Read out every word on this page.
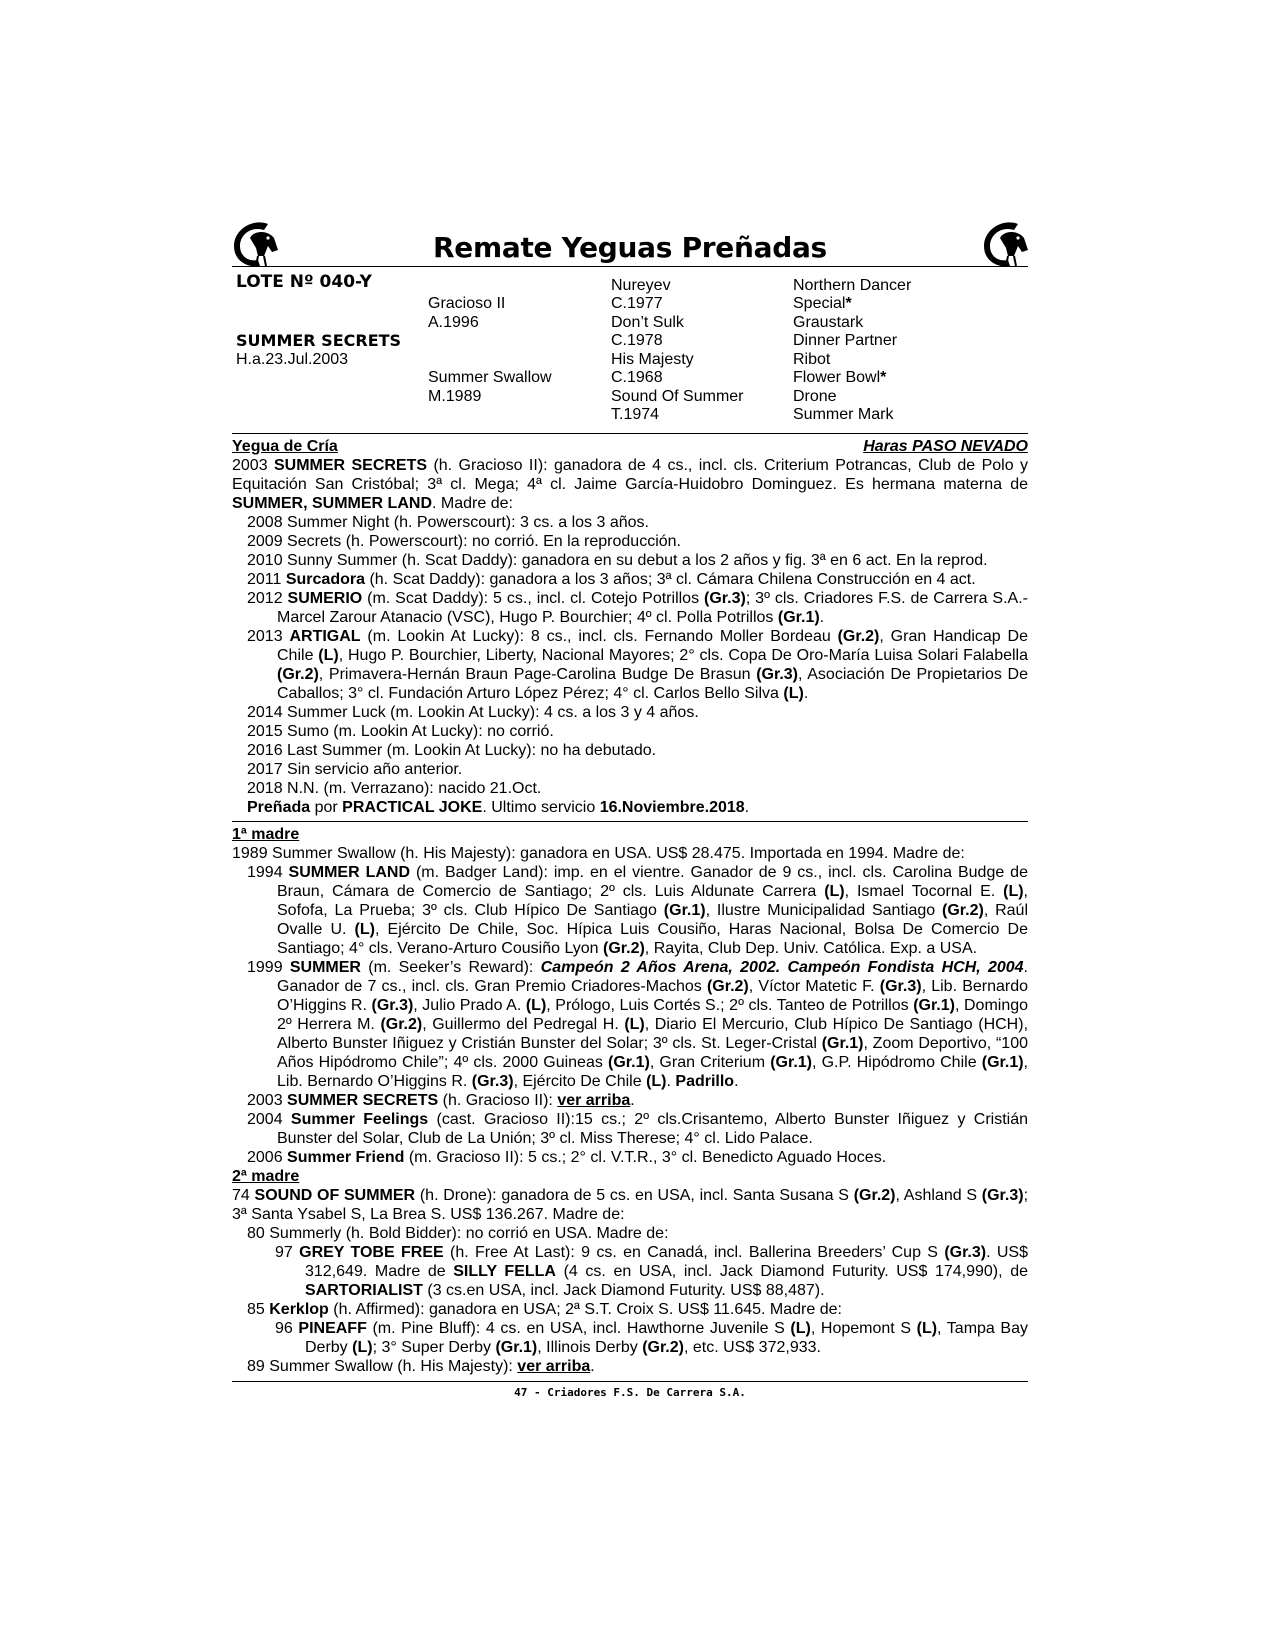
Remate Yeguas Preñadas
LOTE Nº 040-Y
SUMMER SECRETS
H.a.23.Jul.2003
Gracioso II
A.1996
Summer Swallow
M.1989
Nureyev
C.1977
Don’t Sulk
C.1978
His Majesty
C.1968
Sound Of Summer
T.1974
Northern Dancer
Special*
Graustark
Dinner Partner
Ribot
Flower Bowl*
Drone
Summer Mark
Yegua de Cría	Haras PASO NEVADO

2003 SUMMER SECRETS (h. Gracioso II): ganadora de 4 cs., incl. cls. Criterium Potrancas, Club de Polo y Equitación San Cristóbal; 3ª cl. Mega; 4ª cl. Jaime García-Huidobro Dominguez. Es hermana materna de SUMMER, SUMMER LAND. Madre de:

2008 Summer Night (h. Powerscourt): 3 cs. a los 3 años.

2009 Secrets (h. Powerscourt): no corrió. En la reproducción.

2010 Sunny Summer (h. Scat Daddy): ganadora en su debut a los 2 años y fig. 3ª en 6 act. En la reprod.

2011 Surcadora (h. Scat Daddy): ganadora a los 3 años; 3ª cl. Cámara Chilena Construcción en 4 act.

2012 SUMERIO (m. Scat Daddy): 5 cs., incl. cl. Cotejo Potrillos (Gr.3); 3º cls. Criadores F.S. de Carrera S.A.-Marcel Zarour Atanacio (VSC), Hugo P. Bourchier; 4º cl. Polla Potrillos (Gr.1).

2013 ARTIGAL (m. Lookin At Lucky): 8 cs., incl. cls. Fernando Moller Bordeau (Gr.2), Gran Handicap De Chile (L), Hugo P. Bourchier, Liberty, Nacional Mayores; 2° cls. Copa De Oro-María Luisa Solari Falabella (Gr.2), Primavera-Hernán Braun Page-Carolina Budge De Brasun (Gr.3), Asociación De Propietarios De Caballos; 3° cl. Fundación Arturo López Pérez; 4° cl. Carlos Bello Silva (L).

2014 Summer Luck (m. Lookin At Lucky): 4 cs. a los 3 y 4 años.

2015 Sumo (m. Lookin At Lucky): no corrió.

2016 Last Summer (m. Lookin At Lucky): no ha debutado.

2017 Sin servicio año anterior.

2018 N.N. (m. Verrazano): nacido 21.Oct.

Preñada por PRACTICAL JOKE. Ultimo servicio 16.Noviembre.2018.

1ª madre

1989 Summer Swallow (h. His Majesty): ganadora en USA. US$ 28.475. Importada en 1994. Madre de:

1994 SUMMER LAND (m. Badger Land): imp. en el vientre. Ganador de 9 cs., incl. cls. Carolina Budge de Braun, Cámara de Comercio de Santiago; 2º cls. Luis Aldunate Carrera (L), Ismael Tocornal E. (L), Sofofa, La Prueba; 3º cls. Club Hípico De Santiago (Gr.1), Ilustre Municipalidad Santiago (Gr.2), Raúl Ovalle U. (L), Ejército De Chile, Soc. Hípica Luis Cousiño, Haras Nacional, Bolsa De Comercio De Santiago; 4° cls. Verano-Arturo Cousiño Lyon (Gr.2), Rayita, Club Dep. Univ. Católica. Exp. a USA.

1999 SUMMER (m. Seeker’s Reward): Campeón 2 Años Arena, 2002. Campeón Fondista HCH, 2004. Ganador de 7 cs., incl. cls. Gran Premio Criadores-Machos (Gr.2), Víctor Matetic F. (Gr.3), Lib. Bernardo O’Higgins R. (Gr.3), Julio Prado A. (L), Prólogo, Luis Cortés S.; 2º cls. Tanteo de Potrillos (Gr.1), Domingo 2º Herrera M. (Gr.2), Guillermo del Pedregal H. (L), Diario El Mercurio, Club Hípico De Santiago (HCH), Alberto Bunster Iñiguez y Cristián Bunster del Solar; 3º cls. St. Leger-Cristal (Gr.1), Zoom Deportivo, “100 Años Hipódromo Chile”; 4º cls. 2000 Guineas (Gr.1), Gran Criterium (Gr.1), G.P. Hipódromo Chile (Gr.1), Lib. Bernardo O’Higgins R. (Gr.3), Ejército De Chile (L). Padrillo.

2003 SUMMER SECRETS (h. Gracioso II): ver arriba.

2004 Summer Feelings (cast. Gracioso II):15 cs.; 2º cls.Crisantemo, Alberto Bunster Iñiguez y Cristián Bunster del Solar, Club de La Unión; 3º cl. Miss Therese; 4° cl. Lido Palace.

2006 Summer Friend (m. Gracioso II): 5 cs.; 2° cl. V.T.R., 3° cl. Benedicto Aguado Hoces.

2ª madre

74 SOUND OF SUMMER (h. Drone): ganadora de 5 cs. en USA, incl. Santa Susana S (Gr.2), Ashland S (Gr.3); 3ª Santa Ysabel S, La Brea S. US$ 136.267. Madre de:

80 Summerly (h. Bold Bidder): no corrió en USA. Madre de:

97 GREY TOBE FREE (h. Free At Last): 9 cs. en Canadá, incl. Ballerina Breeders’ Cup S (Gr.3). US$ 312,649. Madre de SILLY FELLA (4 cs. en USA, incl. Jack Diamond Futurity. US$ 174,990), de SARTORIALIST (3 cs.en USA, incl. Jack Diamond Futurity. US$ 88,487).

85 Kerklop (h. Affirmed): ganadora en USA; 2ª S.T. Croix S. US$ 11.645. Madre de:

96 PINEAFF (m. Pine Bluff): 4 cs. en USA, incl. Hawthorne Juvenile S (L), Hopemont S (L), Tampa Bay Derby (L); 3° Super Derby (Gr.1), Illinois Derby (Gr.2), etc. US$ 372,933.

89 Summer Swallow (h. His Majesty): ver arriba.

47 - Criadores F.S. De Carrera S.A.
